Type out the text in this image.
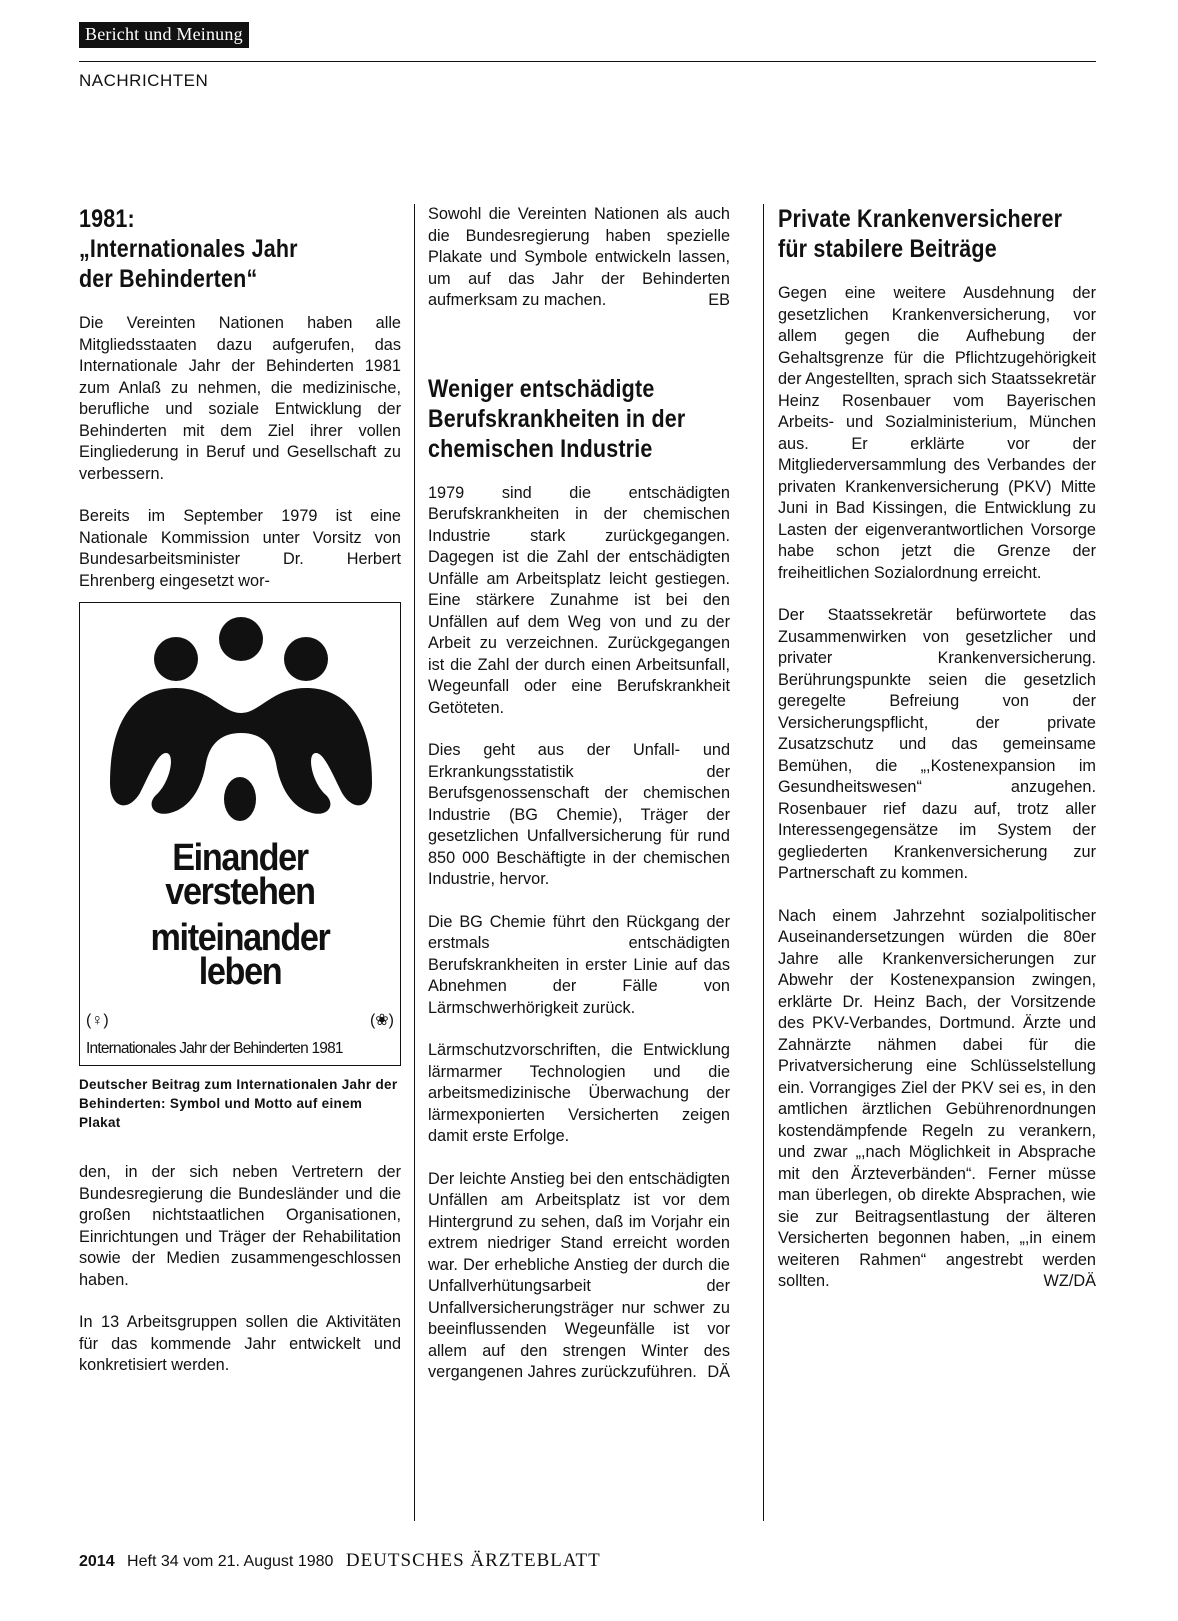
Bericht und Meinung
NACHRICHTEN
1981:
„Internationales Jahr
der Behinderten“

Die Vereinten Nationen haben alle Mitgliedsstaaten dazu aufgerufen, das Internationale Jahr der Behinderten 1981 zum Anlaß zu nehmen, die medizinische, berufliche und soziale Entwicklung der Behinderten mit dem Ziel ihrer vollen Eingliederung in Beruf und Gesellschaft zu verbessern.

Bereits im September 1979 ist eine Nationale Kommission unter Vorsitz von Bundesarbeitsminister Dr. Herbert Ehrenberg eingesetzt wor-

Einander
verstehen
miteinander
leben
(♀)	(❀)
Internationales Jahr der Behinderten 1981
Deutscher Beitrag zum Internationalen Jahr der Behinderten: Symbol und Motto auf einem Plakat

den, in der sich neben Vertretern der Bundesregierung die Bundesländer und die großen nichtstaatlichen Organisationen, Einrichtungen und Träger der Rehabilitation sowie der Medien zusammengeschlossen haben.

In 13 Arbeitsgruppen sollen die Aktivitäten für das kommende Jahr entwickelt und konkretisiert werden.

Sowohl die Vereinten Nationen als auch die Bundesregierung haben spezielle Plakate und Symbole entwickeln lassen, um auf das Jahr der Behinderten aufmerksam zu machen.	EB

Weniger entschädigte Berufskrankheiten in der chemischen Industrie

1979 sind die entschädigten Berufskrankheiten in der chemischen Industrie stark zurückgegangen. Dagegen ist die Zahl der entschädigten Unfälle am Arbeitsplatz leicht gestiegen. Eine stärkere Zunahme ist bei den Unfällen auf dem Weg von und zu der Arbeit zu verzeichnen. Zurückgegangen ist die Zahl der durch einen Arbeitsunfall, Wegeunfall oder eine Berufskrankheit Getöteten.

Dies geht aus der Unfall- und Erkrankungsstatistik der Berufsgenossenschaft der chemischen Industrie (BG Chemie), Träger der gesetzlichen Unfallversicherung für rund 850 000 Beschäftigte in der chemischen Industrie, hervor.

Die BG Chemie führt den Rückgang der erstmals entschädigten Berufskrankheiten in erster Linie auf das Abnehmen der Fälle von Lärmschwerhörigkeit zurück.

Lärmschutzvorschriften, die Entwicklung lärmarmer Technologien und die arbeitsmedizinische Überwachung der lärmexponierten Versicherten zeigen damit erste Erfolge.

Der leichte Anstieg bei den entschädigten Unfällen am Arbeitsplatz ist vor dem Hintergrund zu sehen, daß im Vorjahr ein extrem niedriger Stand erreicht worden war. Der erhebliche Anstieg der durch die Unfallverhütungsarbeit der Unfallversicherungsträger nur schwer zu beeinflussenden Wegeunfälle ist vor allem auf den strengen Winter des vergangenen Jahres zurückzuführen. DÄ

Private Krankenversicherer für stabilere Beiträge

Gegen eine weitere Ausdehnung der gesetzlichen Krankenversicherung, vor allem gegen die Aufhebung der Gehaltsgrenze für die Pflichtzugehörigkeit der Angestellten, sprach sich Staatssekretär Heinz Rosenbauer vom Bayerischen Arbeits- und Sozialministerium, München aus. Er erklärte vor der Mitgliederversammlung des Verbandes der privaten Krankenversicherung (PKV) Mitte Juni in Bad Kissingen, die Entwicklung zu Lasten der eigenverantwortlichen Vorsorge habe schon jetzt die Grenze der freiheitlichen Sozialordnung erreicht.

Der Staatssekretär befürwortete das Zusammenwirken von gesetzlicher und privater Krankenversicherung. Berührungspunkte seien die gesetzlich geregelte Befreiung von der Versicherungspflicht, der private Zusatzschutz und das gemeinsame Bemühen, die „,Kostenexpansion im Gesundheitswesen“ anzugehen. Rosenbauer rief dazu auf, trotz aller Interessengegensätze im System der gegliederten Krankenversicherung zur Partnerschaft zu kommen.

Nach einem Jahrzehnt sozialpolitischer Auseinandersetzungen würden die 80er Jahre alle Krankenversicherungen zur Abwehr der Kostenexpansion zwingen, erklärte Dr. Heinz Bach, der Vorsitzende des PKV-Verbandes, Dortmund. Ärzte und Zahnärzte nähmen dabei für die Privatversicherung eine Schlüsselstellung ein. Vorrangiges Ziel der PKV sei es, in den amtlichen ärztlichen Gebührenordnungen kostendämpfende Regeln zu verankern, und zwar „,nach Möglichkeit in Absprache mit den Ärzteverbänden“. Ferner müsse man überlegen, ob direkte Absprachen, wie sie zur Beitragsentlastung der älteren Versicherten begonnen haben, „,in einem weiteren Rahmen“ angestrebt werden sollten.	WZ/DÄ

2014 Heft 34 vom 21. August 1980 DEUTSCHES ÄRZTEBLATT
